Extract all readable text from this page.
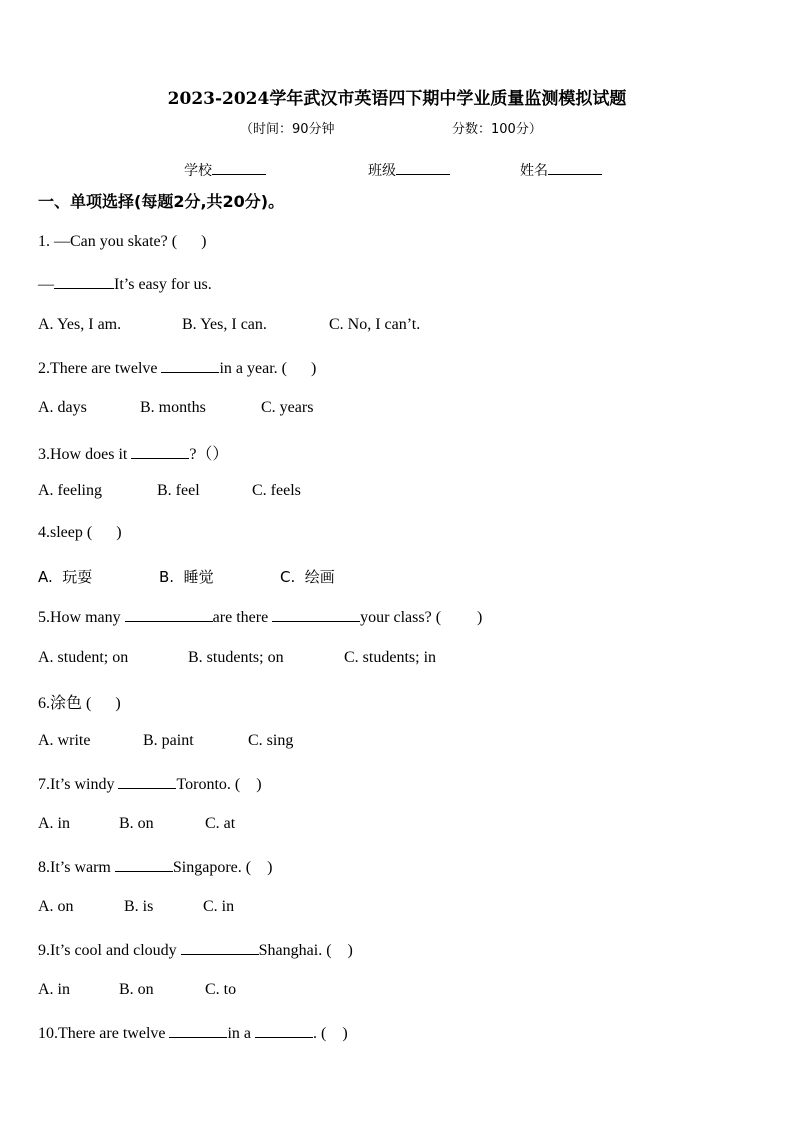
2023-2024学年武汉市英语四下期中学业质量监测模拟试题
（时间：90分钟	分数：100分）
学校	班级	姓名
一、单项选择(每题2分,共20分)。
1. —Can you skate? (      )
—	It’s easy for us.
A. Yes, I am.	B. Yes, I can.	C. No, I can’t.
2.There are twelve	in a year. (      )
A. days	B. months	C. years
3.How does it	?（）
A. feeling	B. feel	C. feels
4.sleep (      )
A.  玩耍	B.  睡觉	C.  绘画
5.How many	are there	your class? (         )
A. student; on	B. students; on	C. students; in
6.涂色 (      )
A. write	B. paint	C. sing
7.It’s windy	Toronto. (    )
A. in	B. on	C. at
8.It’s warm	Singapore. (    )
A. on	B. is	C. in
9.It’s cool and cloudy	Shanghai. (    )
A. in	B. on	C. to
10.There are twelve	in a	. (    )
